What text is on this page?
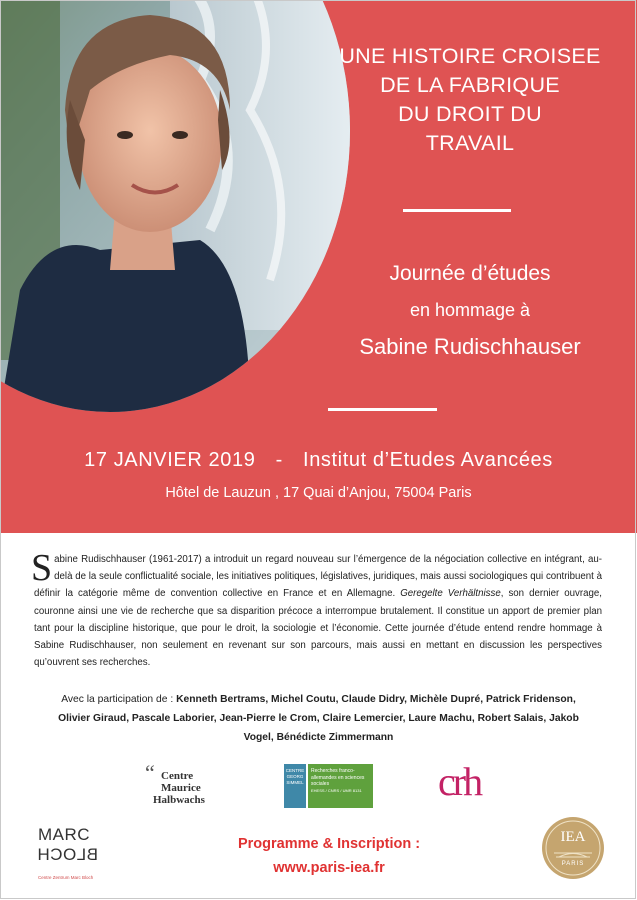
UNE HISTOIRE CROISEE
DE LA FABRIQUE
DU DROIT DU
TRAVAIL
Journée d’études
en hommage à
Sabine Rudischhauser
17 JANVIER 2019 - Institut d’Etudes Avancées
Hôtel de Lauzun , 17 Quai d’Anjou, 75004 Paris

Sabine Rudischhauser (1961-2017) a introduit un regard nouveau sur l’émergence de la négociation collective en intégrant, au-delà de la seule conflictualité sociale, les initiatives politiques, législatives, juridiques, mais aussi sociologiques qui contribuent à définir la catégorie même de convention collective en France et en Allemagne. Geregelte Verhältnisse, son dernier ouvrage, couronne ainsi une vie de recherche que sa disparition précoce a interrompue brutalement. Il constitue un apport de premier plan tant pour la discipline historique, que pour le droit, la sociologie et l’économie. Cette journée d’étude entend rendre hommage à Sabine Rudischhauser, non seulement en revenant sur son parcours, mais aussi en mettant en discussion les perspectives qu’ouvrent ses recherches.

Avec la participation de : Kenneth Bertrams, Michel Coutu, Claude Didry, Michèle Dupré, Patrick Fridenson, Olivier Giraud, Pascale Laborier, Jean-Pierre le Crom, Claire Lemercier, Laure Machu, Robert Salais, Jakob Vogel, Bénédicte Zimmermann

“ Centre
Maurice
Halbwachs
CENTRE GEORG SIMMEL
Recherches franco-allemandes en sciences sociales
EHESS / CNRS / UMR 8131 crh
MARC
BLOCH
Centre Zentrum Marc Bloch
Programme & Inscription :
www.paris-iea.fr
IEA
PARIS
